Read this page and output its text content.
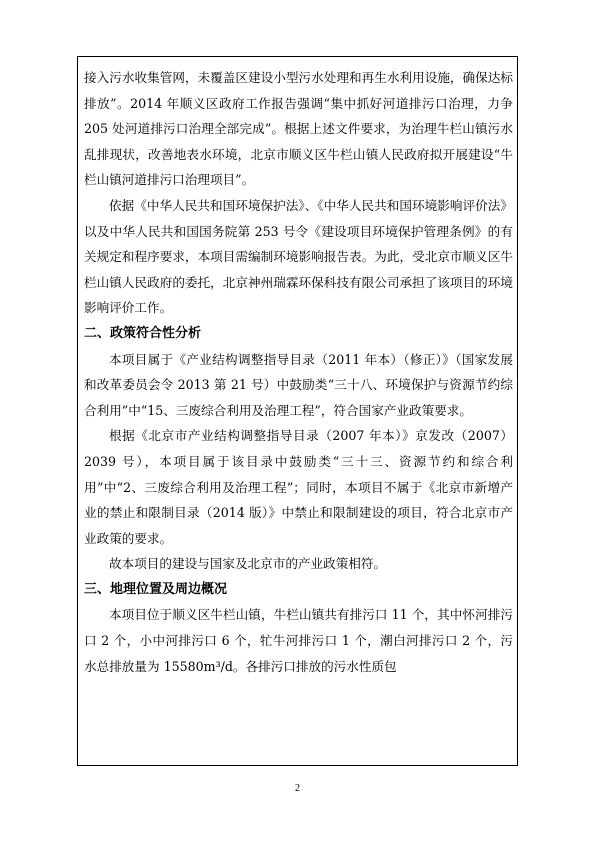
接入污水收集管网，未覆盖区建设小型污水处理和再生水利用设施，确保达标排放”。2014 年顺义区政府工作报告强调“集中抓好河道排污口治理，力争 205 处河道排污口治理全部完成”。根据上述文件要求，为治理牛栏山镇污水乱排现状，改善地表水环境，北京市顺义区牛栏山镇人民政府拟开展建设“牛栏山镇河道排污口治理项目”。

依据《中华人民共和国环境保护法》、《中华人民共和国环境影响评价法》以及中华人民共和国国务院第 253 号令《建设项目环境保护管理条例》的有关规定和程序要求，本项目需编制环境影响报告表。为此，受北京市顺义区牛栏山镇人民政府的委托，北京神州瑞霖环保科技有限公司承担了该项目的环境影响评价工作。

二、政策符合性分析

本项目属于《产业结构调整指导目录（2011 年本）（修正）》（国家发展和改革委员会令 2013 第 21 号）中鼓励类“三十八、环境保护与资源节约综合利用”中“15、三废综合利用及治理工程”，符合国家产业政策要求。

根据《北京市产业结构调整指导目录（2007 年本）》京发改（2007）2039 号），本项目属于该目录中鼓励类“三十三、资源节约和综合利用”中“2、三废综合利用及治理工程”；同时，本项目不属于《北京市新增产业的禁止和限制目录（2014 版）》中禁止和限制建设的项目，符合北京市产业政策的要求。

故本项目的建设与国家及北京市的产业政策相符。

三、地理位置及周边概况

本项目位于顺义区牛栏山镇，牛栏山镇共有排污口 11 个，其中怀河排污口 2 个，小中河排污口 6 个，牤牛河排污口 1 个，潮白河排污口 2 个，污水总排放量为 15580m³/d。各排污口排放的污水性质包

2
